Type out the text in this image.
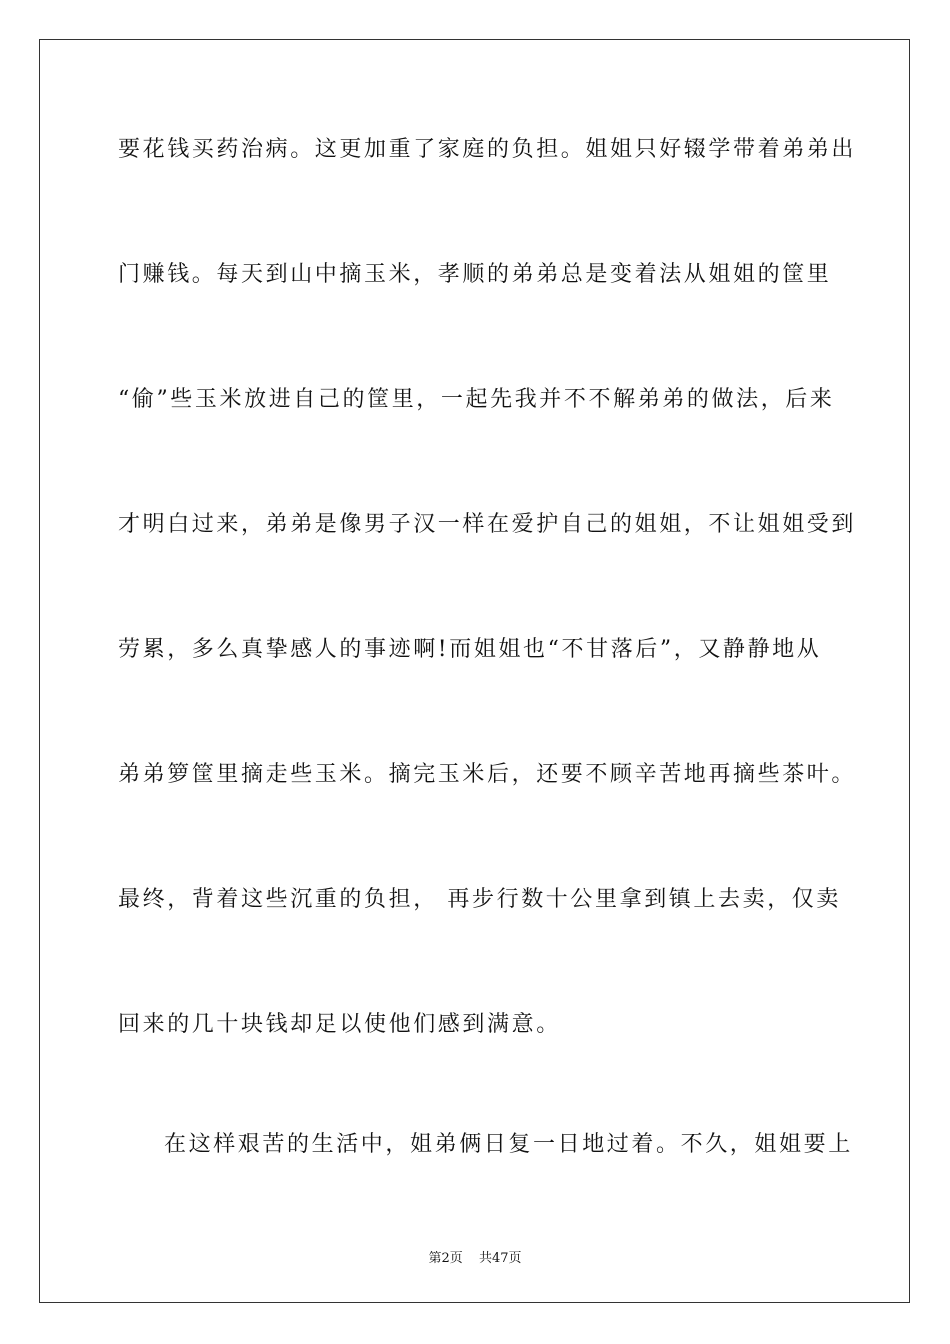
要花钱买药治病。这更加重了家庭的负担。姐姐只好辍学带着弟弟出
门赚钱。每天到山中摘玉米，孝顺的弟弟总是变着法从姐姐的筐里
“偷”些玉米放进自己的筐里，一起先我并不不解弟弟的做法，后来
才明白过来，弟弟是像男子汉一样在爱护自己的姐姐，不让姐姐受到
劳累，多么真挚感人的事迹啊!而姐姐也“不甘落后”，又静静地从
弟弟箩筐里摘走些玉米。摘完玉米后，还要不顾辛苦地再摘些茶叶。
最终，背着这些沉重的负担， 再步行数十公里拿到镇上去卖，仅卖
回来的几十块钱却足以使他们感到满意。
在这样艰苦的生活中，姐弟俩日复一日地过着。不久，姐姐要上
第2页 共47页
